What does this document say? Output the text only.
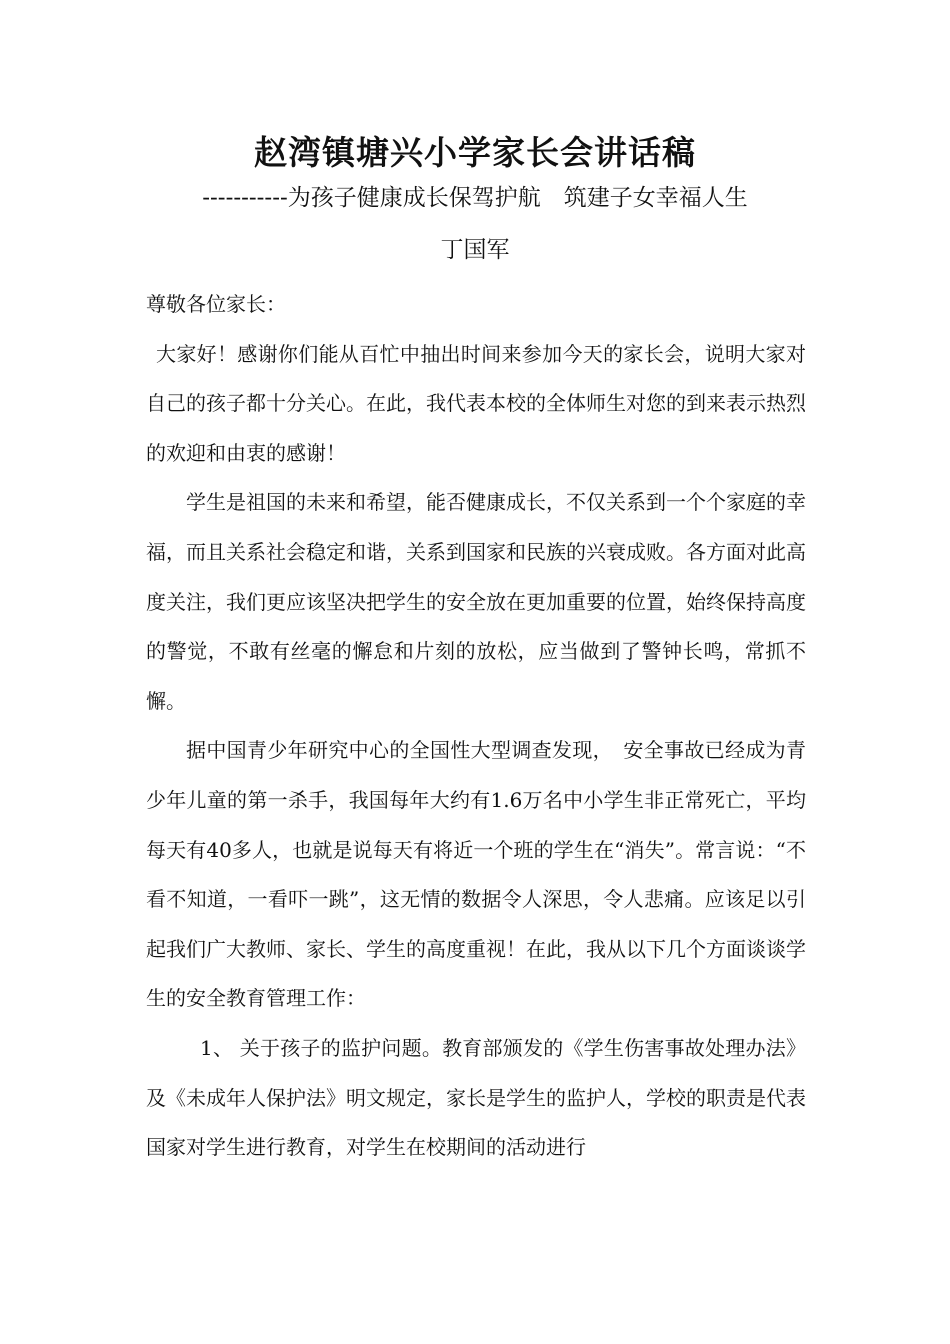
赵湾镇塘兴小学家长会讲话稿
-----------为孩子健康成长保驾护航　筑建子女幸福人生
丁国军

尊敬各位家长：

大家好！感谢你们能从百忙中抽出时间来参加今天的家长会，说明大家对自己的孩子都十分关心。在此，我代表本校的全体师生对您的到来表示热烈的欢迎和由衷的感谢！

学生是祖国的未来和希望，能否健康成长，不仅关系到一个个家庭的幸福，而且关系社会稳定和谐，关系到国家和民族的兴衰成败。各方面对此高度关注，我们更应该坚决把学生的安全放在更加重要的位置，始终保持高度的警觉，不敢有丝毫的懈怠和片刻的放松，应当做到了警钟长鸣，常抓不懈。

据中国青少年研究中心的全国性大型调查发现，　安全事故已经成为青少年儿童的第一杀手，我国每年大约有1.6万名中小学生非正常死亡，平均每天有40多人，也就是说每天有将近一个班的学生在“消失”。常言说：“不看不知道，一看吓一跳”，这无情的数据令人深思，令人悲痛。应该足以引起我们广大教师、家长、学生的高度重视！在此，我从以下几个方面谈谈学生的安全教育管理工作：

1、 关于孩子的监护问题。教育部颁发的《学生伤害事故处理办法》及《未成年人保护法》明文规定，家长是学生的监护人，学校的职责是代表国家对学生进行教育，对学生在校期间的活动进行
